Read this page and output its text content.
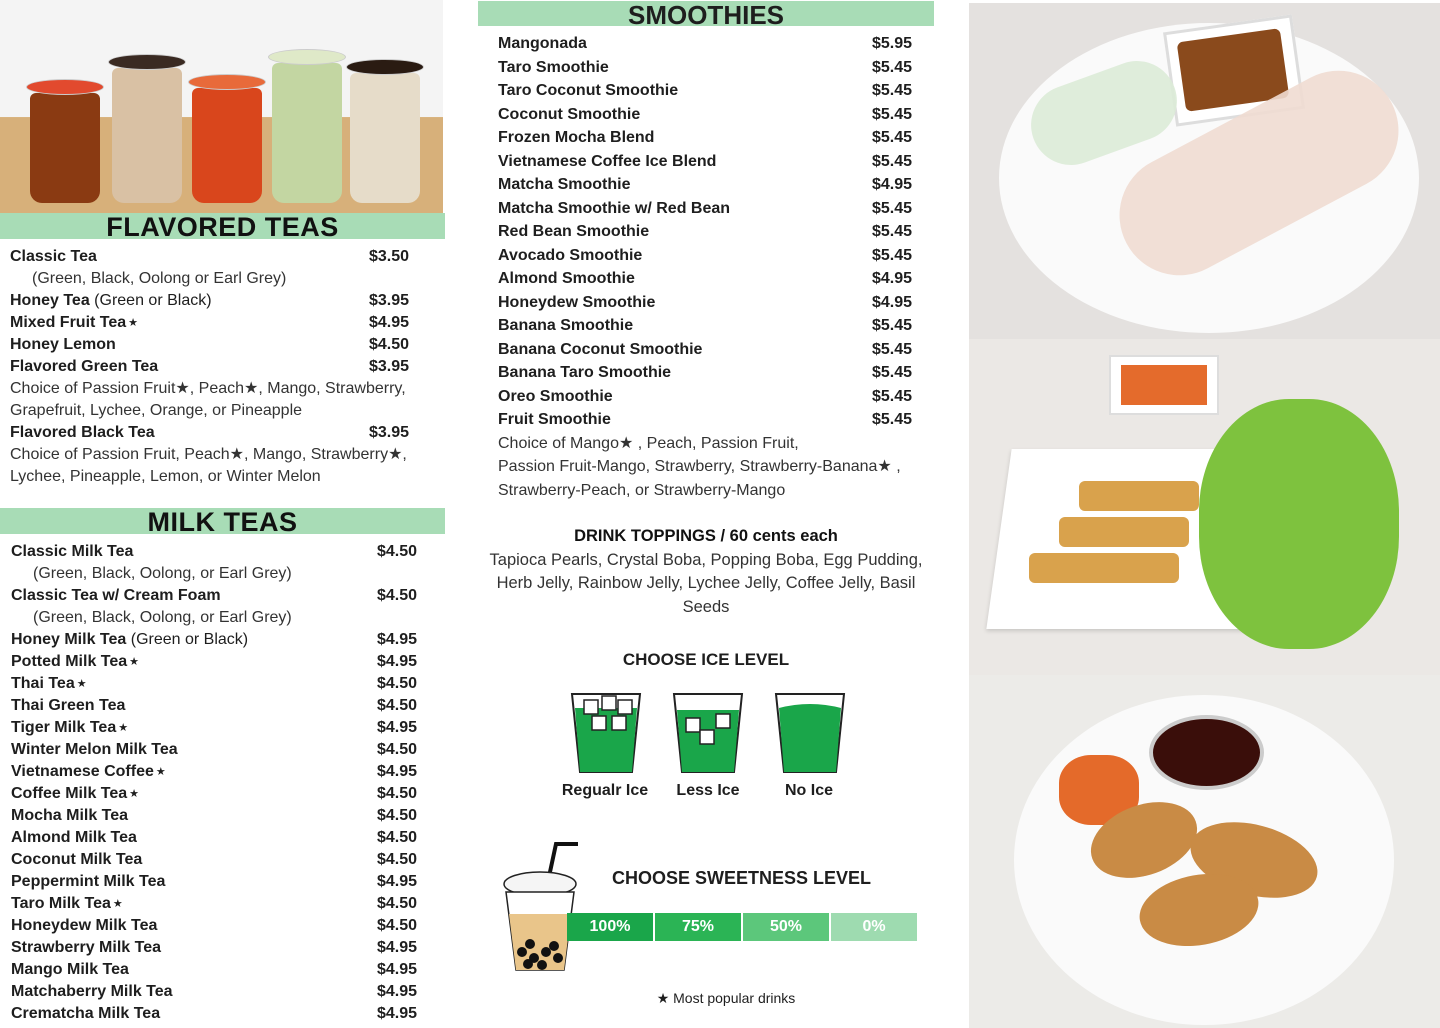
FLAVORED TEAS
Classic Tea	$3.50
(Green, Black, Oolong or Earl Grey)
Honey Tea (Green or Black)	$3.95
Mixed Fruit Tea ★	$4.95
Honey Lemon	$4.50
Flavored Green Tea	$3.95
Choice of Passion Fruit★, Peach★, Mango, Strawberry,
Grapefruit, Lychee, Orange, or Pineapple
Flavored Black Tea	$3.95
Choice of Passion Fruit, Peach★, Mango, Strawberry★,
Lychee, Pineapple, Lemon, or Winter Melon
MILK TEAS
Classic Milk Tea	$4.50
(Green, Black, Oolong, or Earl Grey)
Classic Tea w/ Cream Foam	$4.50
(Green, Black, Oolong, or Earl Grey)
Honey Milk Tea (Green or Black)	$4.95
Potted Milk Tea ★	$4.95
Thai Tea ★	$4.50
Thai Green Tea	$4.50
Tiger Milk Tea ★	$4.95
Winter Melon Milk Tea	$4.50
Vietnamese Coffee ★	$4.95
Coffee Milk Tea ★	$4.50
Mocha Milk Tea	$4.50
Almond Milk Tea	$4.50
Coconut Milk Tea	$4.50
Peppermint Milk Tea	$4.95
Taro Milk Tea ★	$4.50
Honeydew Milk Tea	$4.50
Strawberry Milk Tea	$4.95
Mango Milk Tea	$4.95
Matchaberry Milk Tea	$4.95
Crematcha Milk Tea	$4.95
SMOOTHIES
Mangonada	$5.95
Taro Smoothie	$5.45
Taro Coconut Smoothie	$5.45
Coconut Smoothie	$5.45
Frozen Mocha Blend	$5.45
Vietnamese Coffee Ice Blend	$5.45
Matcha Smoothie	$4.95
Matcha Smoothie w/ Red Bean	$5.45
Red Bean Smoothie	$5.45
Avocado Smoothie	$5.45
Almond Smoothie	$4.95
Honeydew Smoothie	$4.95
Banana Smoothie	$5.45
Banana Coconut Smoothie	$5.45
Banana Taro Smoothie	$5.45
Oreo Smoothie	$5.45
Fruit Smoothie	$5.45
Choice of Mango★ , Peach, Passion Fruit,
Passion Fruit-Mango, Strawberry, Strawberry-Banana★ ,
Strawberry-Peach, or Strawberry-Mango
DRINK TOPPINGS / 60 cents each
Tapioca Pearls, Crystal Boba, Popping Boba, Egg Pudding, Herb Jelly, Rainbow Jelly, Lychee Jelly, Coffee Jelly, Basil Seeds
CHOOSE ICE LEVEL
Regualr Ice	Less Ice	No Ice
CHOOSE SWEETNESS LEVEL
100%	75%	50%	0%
★ Most popular drinks
